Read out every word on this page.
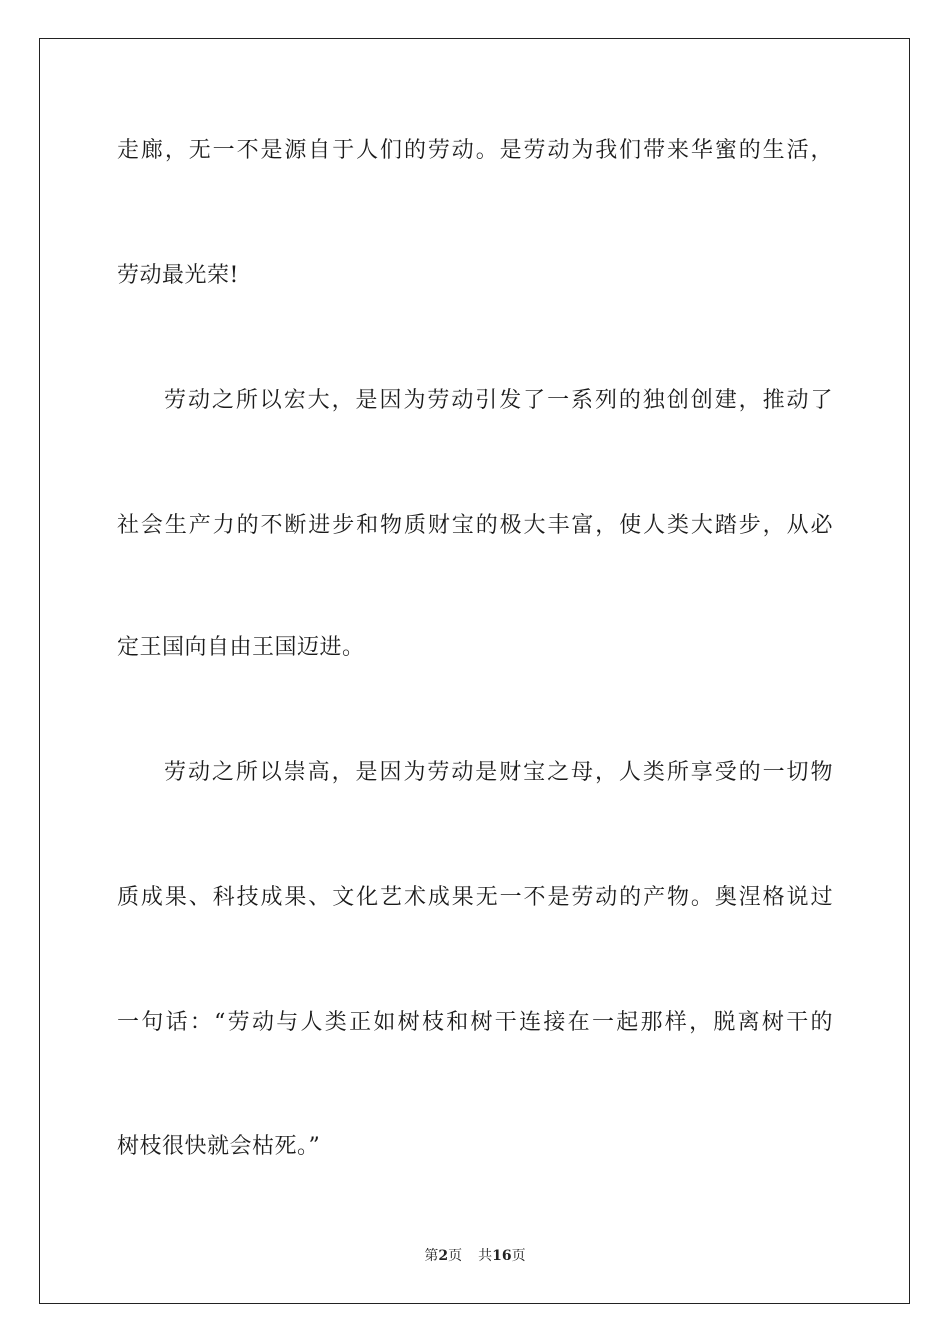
走廊，无一不是源自于人们的劳动。是劳动为我们带来华蜜的生活，
劳动最光荣!
劳动之所以宏大，是因为劳动引发了一系列的独创创建，推动了
社会生产力的不断进步和物质财宝的极大丰富，使人类大踏步，从必
定王国向自由王国迈进。
劳动之所以崇高，是因为劳动是财宝之母，人类所享受的一切物
质成果、科技成果、文化艺术成果无一不是劳动的产物。奥涅格说过
一句话：“劳动与人类正如树枝和树干连接在一起那样，脱离树干的
树枝很快就会枯死。”
第2页 共16页
